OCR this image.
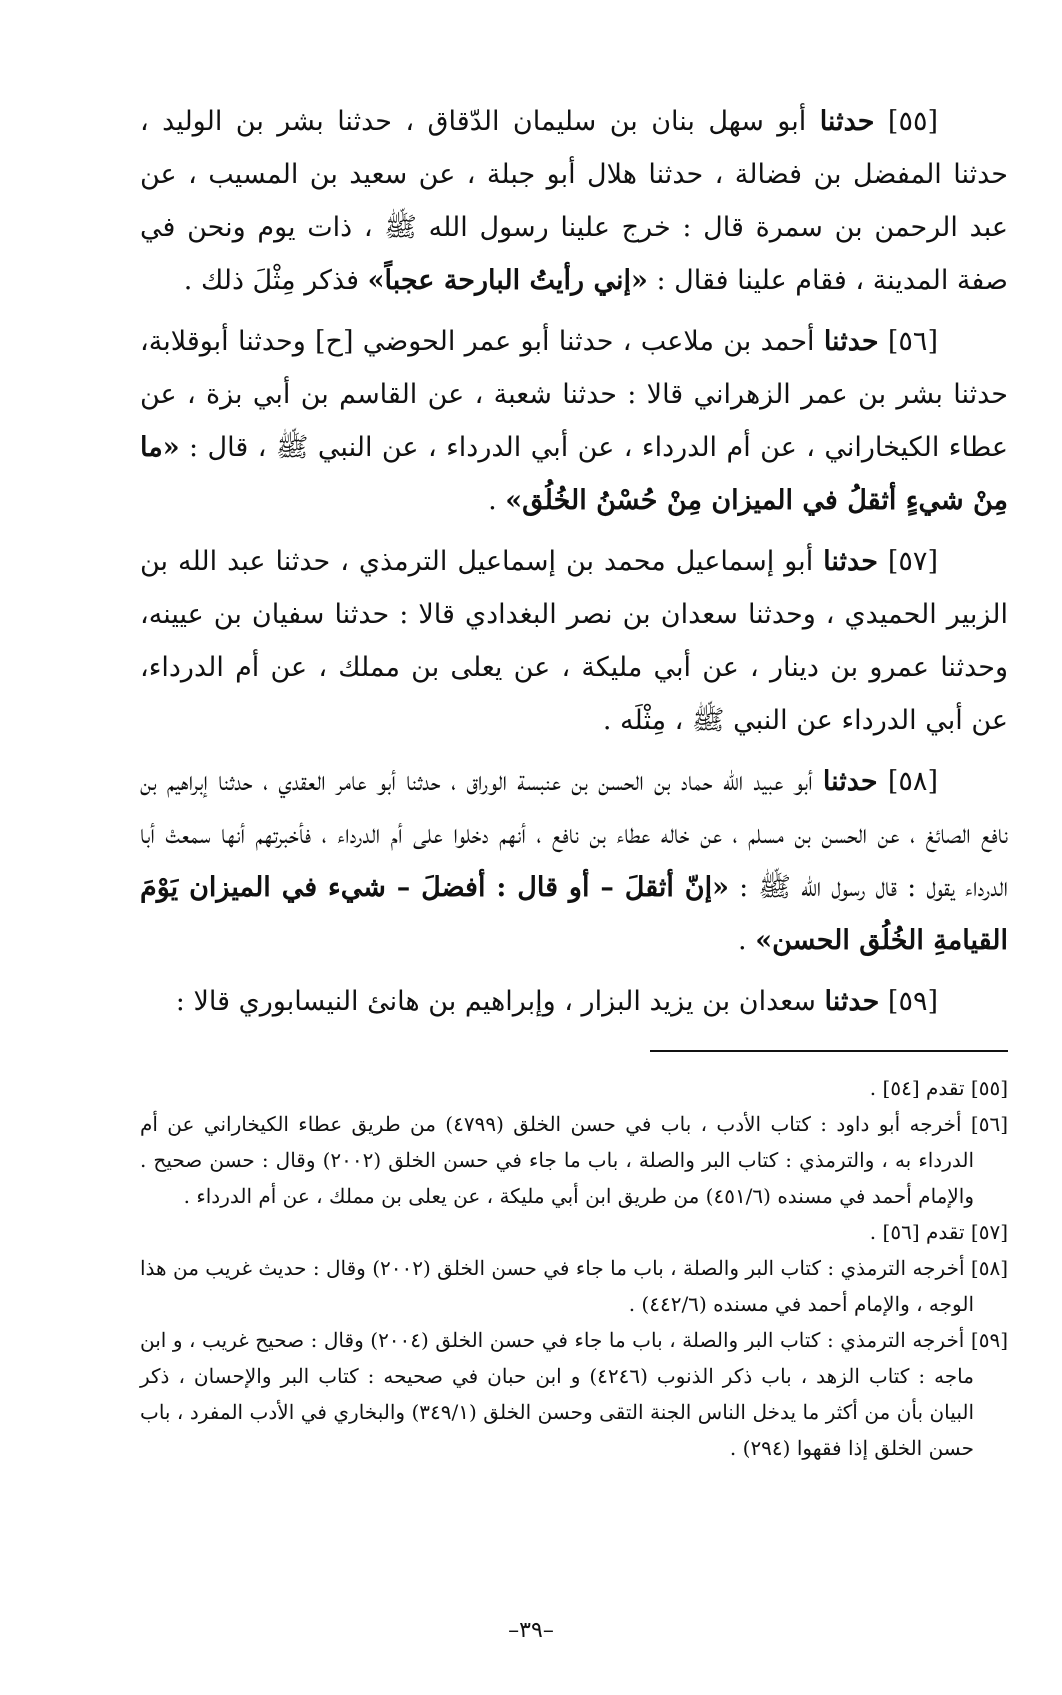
[٥٥] حدثنا أبو سهل بنان بن سليمان الدّقاق ، حدثنا بشر بن الوليد ، حدثنا المفضل بن فضالة ، حدثنا هلال أبو جبلة ، عن سعيد بن المسيب ، عن عبد الرحمن بن سمرة قال : خرج علينا رسول الله ﷺ ، ذات يوم ونحن في صفة المدينة ، فقام علينا فقال : «إني رأيتُ البارحة عجباً» فذكر مِثْلَ ذلك .

[٥٦] حدثنا أحمد بن ملاعب ، حدثنا أبو عمر الحوضي [ح] وحدثنا أبوقلابة، حدثنا بشر بن عمر الزهراني قالا : حدثنا شعبة ، عن القاسم بن أبي بزة ، عن عطاء الكيخاراني ، عن أم الدرداء ، عن أبي الدرداء ، عن النبي ﷺ ، قال : «ما مِنْ شيءٍ أثقلُ في الميزان مِنْ حُسْنُ الخُلُق» .

[٥٧] حدثنا أبو إسماعيل محمد بن إسماعيل الترمذي ، حدثنا عبد الله بن الزبير الحميدي ، وحدثنا سعدان بن نصر البغدادي قالا : حدثنا سفيان بن عيينه، وحدثنا عمرو بن دينار ، عن أبي مليكة ، عن يعلى بن مملك ، عن أم الدرداء، عن أبي الدرداء عن النبي ﷺ ، مِثْلَه .

[٥٨] حدثنا أبو عبيد الله حماد بن الحسن بن عنبسة الوراق ، حدثنا أبو عامر العقدي ، حدثنا إبراهيم بن نافع الصائغ ، عن الحسن بن مسلم ، عن خاله عطاء بن نافع ، أنهم دخلوا على أم الدرداء ، فأخبرتهم أنها سمعتْ أبا الدرداء يقول : قال رسول الله ﷺ : «إنّ أثقلَ – أو قال : أفضلَ – شيء في الميزان يَوْمَ القيامةِ الخُلُق الحسن» .

[٥٩] حدثنا سعدان بن يزيد البزار ، وإبراهيم بن هانئ النيسابوري قالا :

[٥٥] تقدم [٥٤] .

[٥٦] أخرجه أبو داود : كتاب الأدب ، باب في حسن الخلق (٤٧٩٩) من طريق عطاء الكيخاراني عن أم الدرداء به ، والترمذي : كتاب البر والصلة ، باب ما جاء في حسن الخلق (٢٠٠٢) وقال : حسن صحيح . والإمام أحمد في مسنده (٤٥١/٦) من طريق ابن أبي مليكة ، عن يعلى بن مملك ، عن أم الدرداء .

[٥٧] تقدم [٥٦] .

[٥٨] أخرجه الترمذي : كتاب البر والصلة ، باب ما جاء في حسن الخلق (٢٠٠٢) وقال : حديث غريب من هذا الوجه ، والإمام أحمد في مسنده (٤٤٢/٦) .

[٥٩] أخرجه الترمذي : كتاب البر والصلة ، باب ما جاء في حسن الخلق (٢٠٠٤) وقال : صحيح غريب ، و ابن ماجه : كتاب الزهد ، باب ذكر الذنوب (٤٢٤٦) و ابن حبان في صحيحه : كتاب البر والإحسان ، ذكر البيان بأن من أكثر ما يدخل الناس الجنة التقى وحسن الخلق (٣٤٩/١) والبخاري في الأدب المفرد ، باب حسن الخلق إذا فقهوا (٢٩٤) .

–٣٩–
